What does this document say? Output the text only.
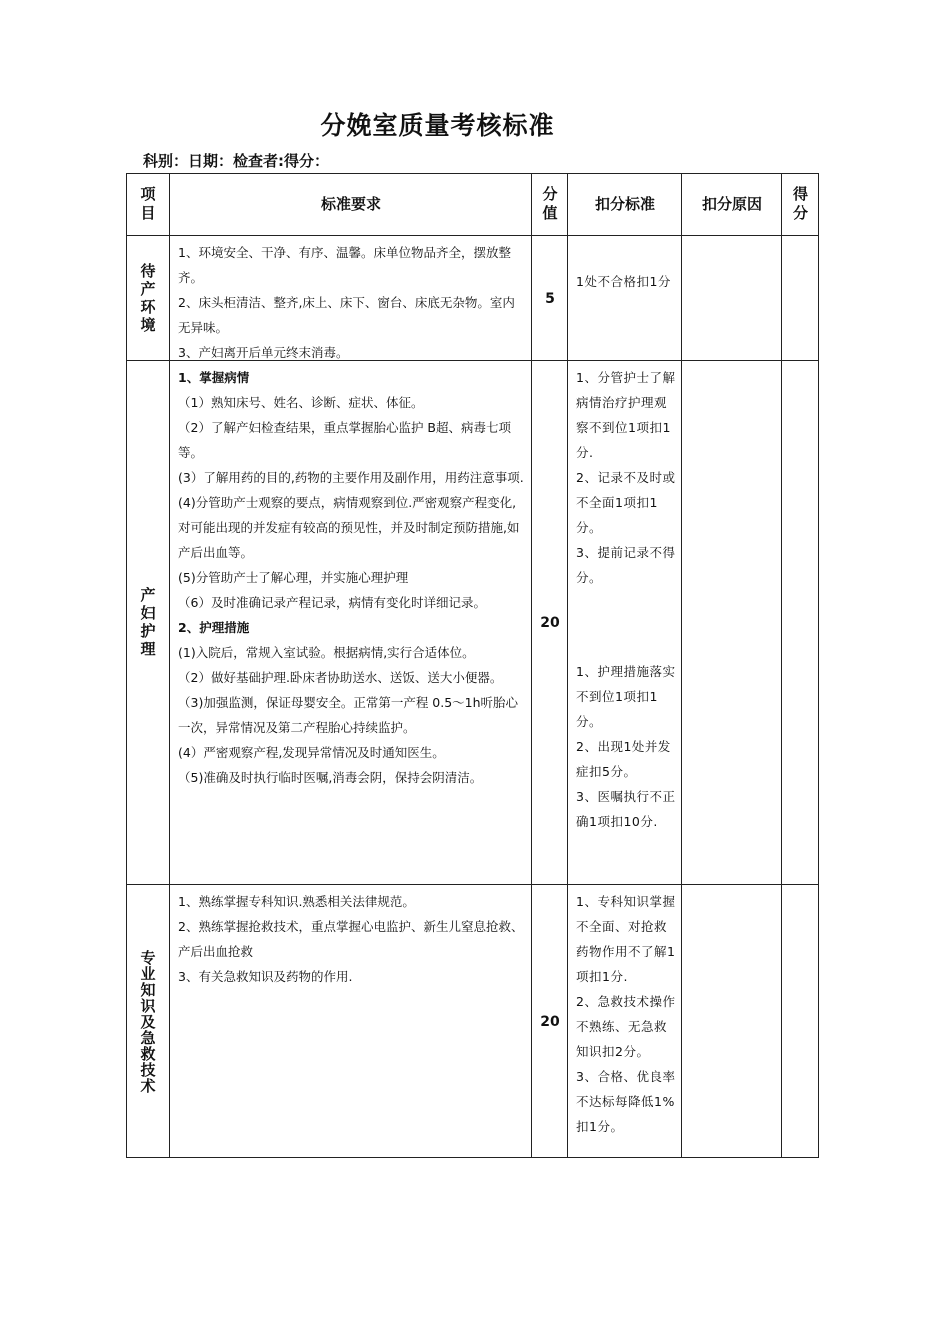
分娩室质量考核标准
科别：日期：检查者:得分：
项目
标准要求
分值
扣分标准	扣分原因
得分
待产环境
1、环境安全、干净、有序、温馨。床单位物品齐全，摆放整齐。
2、床头柜清洁、整齐,床上、床下、窗台、床底无杂物。室内无异味。
3、产妇离开后单元终末消毒。
5
1处不合格扣1分
产妇护理
1、掌握病情
（1）熟知床号、姓名、诊断、症状、体征。
（2）了解产妇检查结果，重点掌握胎心监护 B超、病毒七项等。
(3）了解用药的目的,药物的主要作用及副作用，用药注意事项.
(4)分管助产士观察的要点，病情观察到位.严密观察产程变化,对可能出现的并发症有较高的预见性，并及时制定预防措施,如产后出血等。
(5)分管助产士了解心理，并实施心理护理
（6）及时准确记录产程记录，病情有变化时详细记录。
2、护理措施
(1)入院后，常规入室试验。根据病情,实行合适体位。
（2）做好基础护理.卧床者协助送水、送饭、送大小便器。
（3)加强监测，保证母婴安全。正常第一产程 0.5～1h听胎心一次，异常情况及第二产程胎心持续监护。
(4）严密观察产程,发现异常情况及时通知医生。
（5)准确及时执行临时医嘱,消毒会阴，保持会阴清洁。
20
1、分管护士了解病情治疗护理观察不到位1项扣1分.
2、记录不及时或不全面1项扣1分。
3、提前记录不得分。
1、护理措施落实不到位1项扣1分。
2、出现1处并发症扣5分。
3、医嘱执行不正确1项扣10分.
专业知识及急救技术
1、熟练掌握专科知识.熟悉相关法律规范。
2、熟练掌握抢救技术，重点掌握心电监护、新生儿窒息抢救、产后出血抢救
3、有关急救知识及药物的作用.
20
1、专科知识掌握不全面、对抢救药物作用不了解1项扣1分.
2、急救技术操作不熟练、无急救知识扣2分。
3、合格、优良率不达标每降低1%扣1分。
